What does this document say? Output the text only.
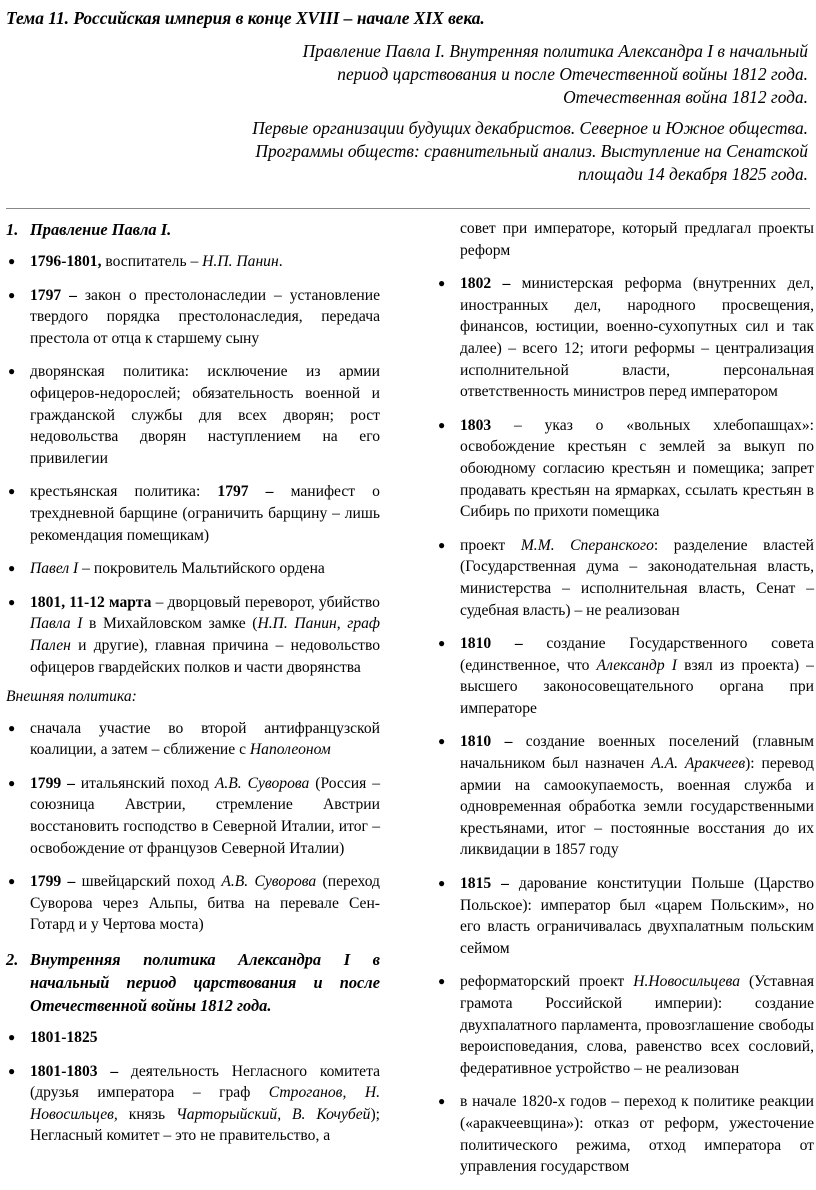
Тема 11. Российская империя в конце XVIII – начале XIX века.
Правление Павла I. Внутренняя политика Александра I в начальный
период царствования и после Отечественной войны 1812 года.
Отечественная война 1812 года.
Первые организации будущих декабристов. Северное и Южное общества.
Программы обществ: сравнительный анализ. Выступление на Сенатской
площади 14 декабря 1825 года.
1. Правление Павла I.
● 1796-1801, воспитатель – Н.П. Панин.
● 1797 – закон о престолонаследии – установление твердого порядка престолонаследия, передача престола от отца к старшему сыну
● дворянская политика: исключение из армии офицеров-недорослей; обязательность военной и гражданской службы для всех дворян; рост недовольства дворян наступлением на его привилегии
● крестьянская политика: 1797 – манифест о трехдневной барщине (ограничить барщину – лишь рекомендация помещикам)
● Павел I – покровитель Мальтийского ордена
● 1801, 11-12 марта – дворцовый переворот, убийство Павла I в Михайловском замке (Н.П. Панин, граф Пален и другие), главная причина – недовольство офицеров гвардейских полков и части дворянства
Внешняя политика:
● сначала участие во второй антифранцузской коалиции, а затем – сближение с Наполеоном
● 1799 – итальянский поход А.В. Суворова (Россия – союзница Австрии, стремление Австрии восстановить господство в Северной Италии, итог – освобождение от французов Северной Италии)
● 1799 – швейцарский поход А.В. Суворова (переход Суворова через Альпы, битва на перевале Сен-Готард и у Чертова моста)
2. Внутренняя политика Александра I в начальный период царствования и после Отечественной войны 1812 года.
● 1801-1825
● 1801-1803 – деятельность Негласного комитета (друзья императора – граф Строганов, Н. Новосильцев, князь Чарторыйский, В. Кочубей); Негласный комитет – это не правительство, а
совет при императоре, который предлагал проекты реформ
● 1802 – министерская реформа (внутренних дел, иностранных дел, народного просвещения, финансов, юстиции, военно-сухопутных сил и так далее) – всего 12; итоги реформы – централизация исполнительной власти, персональная ответственность министров перед императором
● 1803 – указ о «вольных хлебопашцах»: освобождение крестьян с землей за выкуп по обоюдному согласию крестьян и помещика; запрет продавать крестьян на ярмарках, ссылать крестьян в Сибирь по прихоти помещика
● проект М.М. Сперанского: разделение властей (Государственная дума – законодательная власть, министерства – исполнительная власть, Сенат – судебная власть) – не реализован
● 1810 – создание Государственного совета (единственное, что Александр I взял из проекта) – высшего законосовещательного органа при императоре
● 1810 – создание военных поселений (главным начальником был назначен А.А. Аракчеев): перевод армии на самоокупаемость, военная служба и одновременная обработка земли государственными крестьянами, итог – постоянные восстания до их ликвидации в 1857 году
● 1815 – дарование конституции Польше (Царство Польское): император был «царем Польским», но его власть ограничивалась двухпалатным польским сеймом
● реформаторский проект Н.Новосильцева (Уставная грамота Российской империи): создание двухпалатного парламента, провозглашение свободы вероисповедания, слова, равенство всех сословий, федеративное устройство – не реализован
● в начале 1820-х годов – переход к политике реакции («аракчеевщина»): отказ от реформ, ужесточение политического режима, отход императора от управления государством
